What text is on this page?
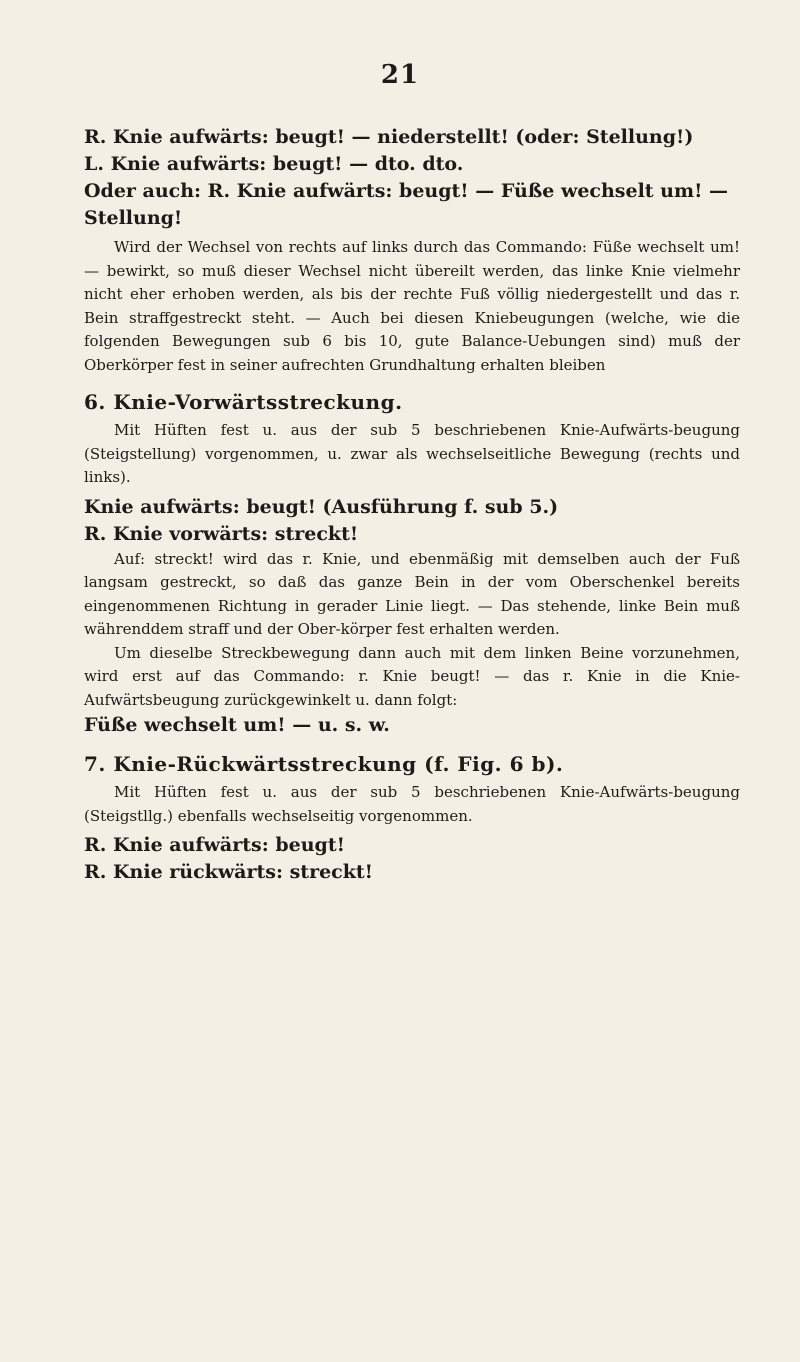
21

R. Knie aufwärts: beugt! — niederstellt! (oder: Stellung!)

L. Knie aufwärts: beugt! — dto. dto.

Oder auch: R. Knie aufwärts: beugt! — Füße wechselt um! — Stellung!

Wird der Wechsel von rechts auf links durch das Commando: Füße wechselt um! — bewirkt, so muß dieser Wechsel nicht übereilt werden, das linke Knie vielmehr nicht eher erhoben werden, als bis der rechte Fuß völlig niedergestellt und das r. Bein straffgestreckt steht. — Auch bei diesen Kniebeugungen (welche, wie die folgenden Bewegungen sub 6 bis 10, gute Balance-Uebungen sind) muß der Oberkörper fest in seiner aufrechten Grundhaltung erhalten bleiben

6. Knie-Vorwärtsstreckung.

Mit Hüften fest u. aus der sub 5 beschriebenen Knie-Aufwärts-beugung (Steigstellung) vorgenommen, u. zwar als wechselseitliche Bewegung (rechts und links).

Knie aufwärts: beugt! (Ausführung f. sub 5.)

R. Knie vorwärts: streckt!

Auf: streckt! wird das r. Knie, und ebenmäßig mit demselben auch der Fuß langsam gestreckt, so daß das ganze Bein in der vom Oberschenkel bereits eingenommenen Richtung in gerader Linie liegt. — Das stehende, linke Bein muß währenddem straff und der Ober-körper fest erhalten werden.

Um dieselbe Streckbewegung dann auch mit dem linken Beine vorzunehmen, wird erst auf das Commando: r. Knie beugt! — das r. Knie in die Knie-Aufwärtsbeugung zurückgewinkelt u. dann folgt:

Füße wechselt um! — u. s. w.

7. Knie-Rückwärtsstreckung (f. Fig. 6 b).

Mit Hüften fest u. aus der sub 5 beschriebenen Knie-Aufwärts-beugung (Steigstllg.) ebenfalls wechselseitig vorgenommen.

R. Knie aufwärts: beugt!

R. Knie rückwärts: streckt!
